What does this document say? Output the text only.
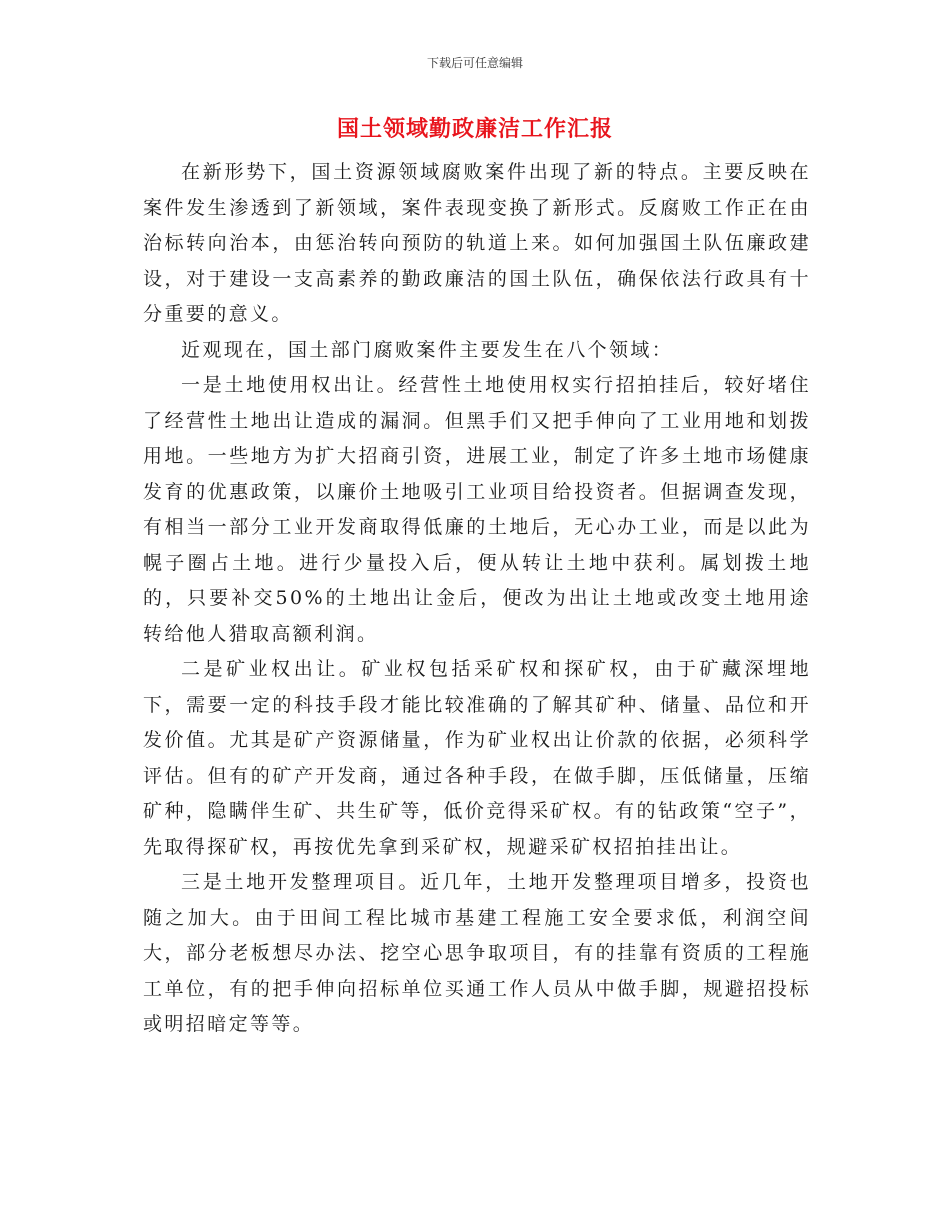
下载后可任意编辑
国土领域勤政廉洁工作汇报

在新形势下，国土资源领域腐败案件出现了新的特点。主要反映在案件发生渗透到了新领域，案件表现变换了新形式。反腐败工作正在由治标转向治本，由惩治转向预防的轨道上来。如何加强国土队伍廉政建设，对于建设一支高素养的勤政廉洁的国土队伍，确保依法行政具有十分重要的意义。

近观现在，国土部门腐败案件主要发生在八个领域：

一是土地使用权出让。经营性土地使用权实行招拍挂后，较好堵住了经营性土地出让造成的漏洞。但黑手们又把手伸向了工业用地和划拨用地。一些地方为扩大招商引资，进展工业，制定了许多土地市场健康发育的优惠政策，以廉价土地吸引工业项目给投资者。但据调查发现，有相当一部分工业开发商取得低廉的土地后，无心办工业，而是以此为幌子圈占土地。进行少量投入后，便从转让土地中获利。属划拨土地的，只要补交50%的土地出让金后，便改为出让土地或改变土地用途转给他人猎取高额利润。

二是矿业权出让。矿业权包括采矿权和探矿权，由于矿藏深埋地下，需要一定的科技手段才能比较准确的了解其矿种、储量、品位和开发价值。尤其是矿产资源储量，作为矿业权出让价款的依据，必须科学评估。但有的矿产开发商，通过各种手段，在做手脚，压低储量，压缩矿种，隐瞒伴生矿、共生矿等，低价竞得采矿权。有的钻政策“空子”，先取得探矿权，再按优先拿到采矿权，规避采矿权招拍挂出让。

三是土地开发整理项目。近几年，土地开发整理项目增多，投资也随之加大。由于田间工程比城市基建工程施工安全要求低，利润空间大，部分老板想尽办法、挖空心思争取项目，有的挂靠有资质的工程施工单位，有的把手伸向招标单位买通工作人员从中做手脚，规避招投标或明招暗定等等。
